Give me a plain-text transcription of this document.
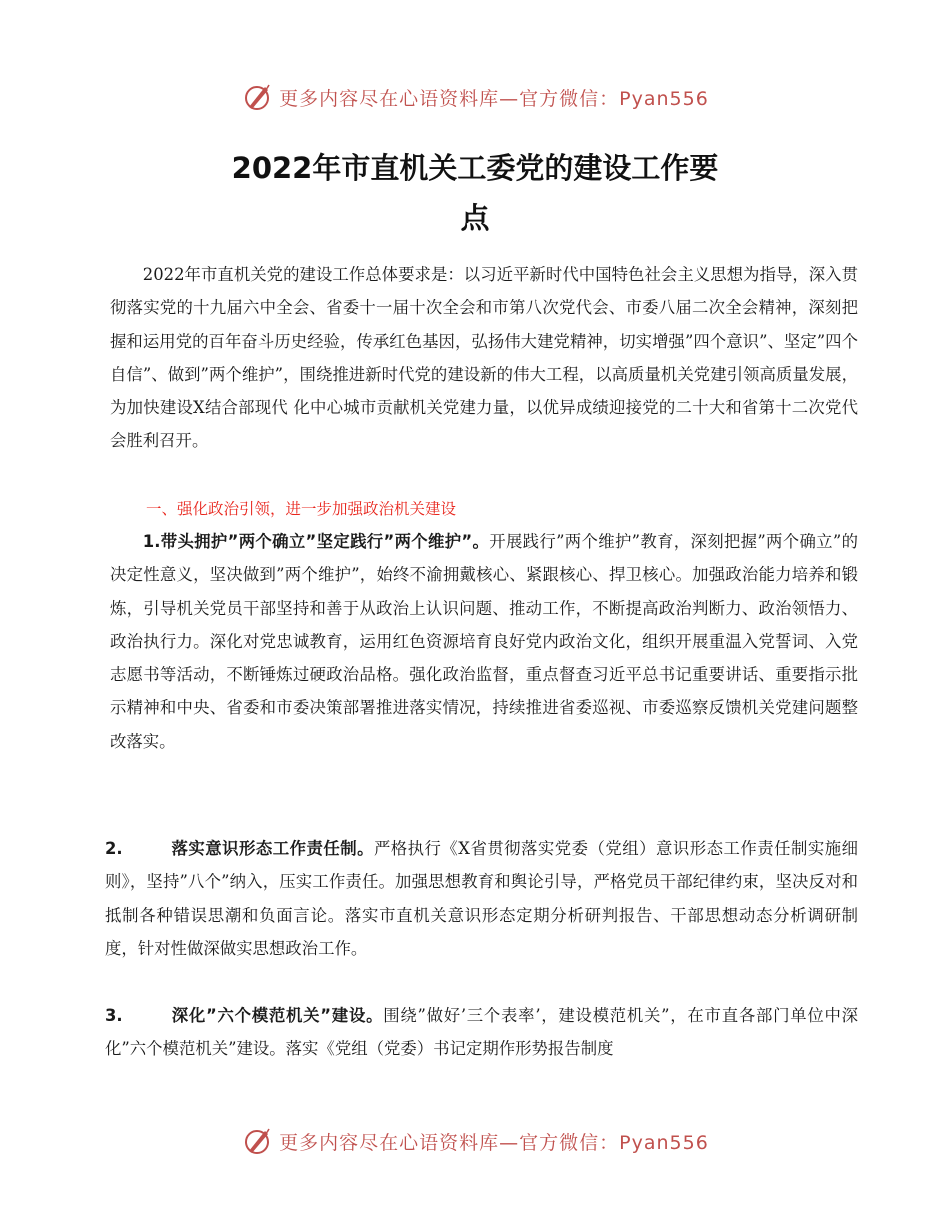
更多内容尽在心语资料库—官方微信：Pyan556
2022年市直机关工委党的建设工作要
点

2022年市直机关党的建设工作总体要求是：以习近平新时代中国特色社会主义思想为指导，深入贯彻落实党的十九届六中全会、省委十一届十次全会和市第八次党代会、市委八届二次全会精神，深刻把握和运用党的百年奋斗历史经验，传承红色基因，弘扬伟大建党精神，切实增强”四个意识”、坚定”四个自信”、做到”两个维护”，围绕推进新时代党的建设新的伟大工程，以高质量机关党建引领高质量发展，为加快建设X结合部现代 化中心城市贡献机关党建力量，以优异成绩迎接党的二十大和省第十二次党代会胜利召开。

一、强化政治引领，进一步加强政治机关建设

1.带头拥护”两个确立”坚定践行”两个维护”。开展践行”两个维护”教育，深刻把握”两个确立”的决定性意义，坚决做到”两个维护”，始终不渝拥戴核心、紧跟核心、捍卫核心。加强政治能力培养和锻炼，引导机关党员干部坚持和善于从政治上认识问题、推动工作，不断提高政治判断力、政治领悟力、政治执行力。深化对党忠诚教育，运用红色资源培育良好党内政治文化，组织开展重温入党誓词、入党志愿书等活动，不断锤炼过硬政治品格。强化政治监督，重点督查习近平总书记重要讲话、重要指示批示精神和中央、省委和市委决策部署推进落实情况，持续推进省委巡视、市委巡察反馈机关党建问题整改落实。

2.	落实意识形态工作责任制。严格执行《X省贯彻落实党委（党组）意识形态工作责任制实施细则》，坚持”八个”纳入，压实工作责任。加强思想教育和舆论引导，严格党员干部纪律约束，坚决反对和抵制各种错误思潮和负面言论。落实市直机关意识形态定期分析研判报告、干部思想动态分析调研制度，针对性做深做实思想政治工作。

3.	深化”六个模范机关”建设。围绕”做好’三个表率’，建设模范机关”，在市直各部门单位中深化”六个模范机关”建设。落实《党组（党委）书记定期作形势报告制度

更多内容尽在心语资料库—官方微信：Pyan556
